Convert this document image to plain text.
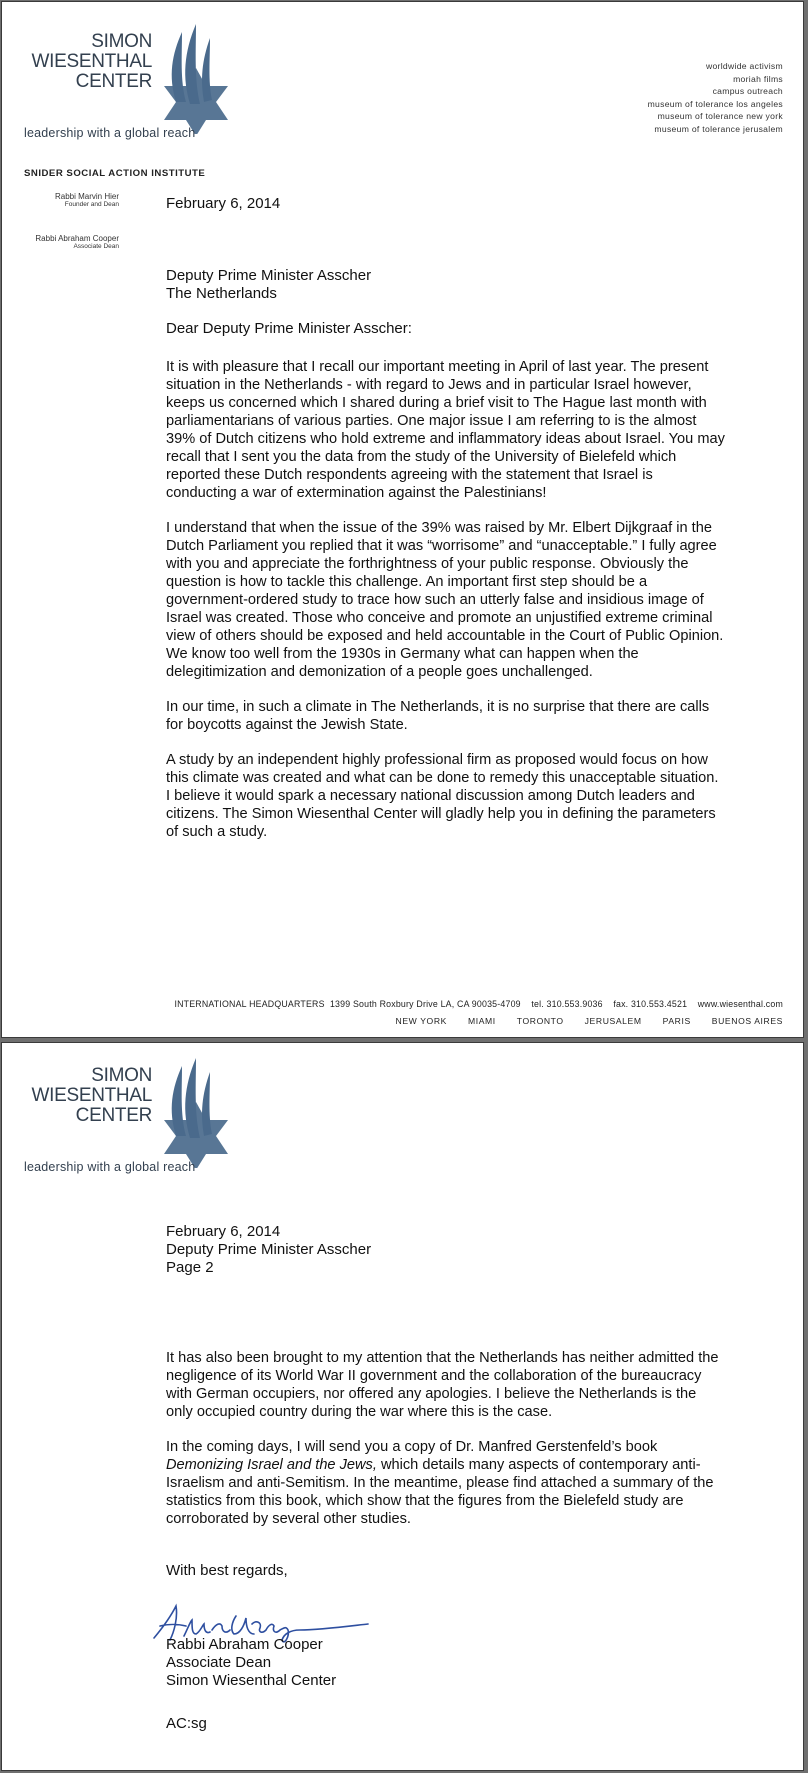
SIMON
WIESENTHAL
CENTER
leadership with a global reach
worldwide activism
moriah films
campus outreach
museum of tolerance los angeles
museum of tolerance new york
museum of tolerance jerusalem
SNIDER SOCIAL ACTION INSTITUTE
Rabbi Marvin Hier
Founder and Dean
Rabbi Abraham Cooper
Associate Dean
February 6, 2014
Deputy Prime Minister Asscher
The Netherlands
Dear Deputy Prime Minister Asscher:

It is with pleasure that I recall our important meeting in April of last year. The present situation in the Netherlands - with regard to Jews and in particular Israel however, keeps us concerned which I shared during a brief visit to The Hague last month with parliamentarians of various parties. One major issue I am referring to is the almost 39% of Dutch citizens who hold extreme and inflammatory ideas about Israel. You may recall that I sent you the data from the study of the University of Bielefeld which reported these Dutch respondents agreeing with the statement that Israel is conducting a war of extermination against the Palestinians!

I understand that when the issue of the 39% was raised by Mr. Elbert Dijkgraaf in the Dutch Parliament you replied that it was “worrisome” and “unacceptable.” I fully agree with you and appreciate the forthrightness of your public response. Obviously the question is how to tackle this challenge. An important first step should be a government-ordered study to trace how such an utterly false and insidious image of Israel was created. Those who conceive and promote an unjustified extreme criminal view of others should be exposed and held accountable in the Court of Public Opinion. We know too well from the 1930s in Germany what can happen when the delegitimization and demonization of a people goes unchallenged.

In our time, in such a climate in The Netherlands, it is no surprise that there are calls for boycotts against the Jewish State.

A study by an independent highly professional firm as proposed would focus on how this climate was created and what can be done to remedy this unacceptable situation. I believe it would spark a necessary national discussion among Dutch leaders and citizens. The Simon Wiesenthal Center will gladly help you in defining the parameters of such a study.

INTERNATIONAL HEADQUARTERS 1399 South Roxbury Drive LA, CA 90035-4709 tel. 310.553.9036 fax. 310.553.4521 www.wiesenthal.com
NEW YORK MIAMI TORONTO JERUSALEM PARIS BUENOS AIRES
SIMON
WIESENTHAL
CENTER
leadership with a global reach
February 6, 2014
Deputy Prime Minister Asscher
Page 2

It has also been brought to my attention that the Netherlands has neither admitted the negligence of its World War II government and the collaboration of the bureaucracy with German occupiers, nor offered any apologies. I believe the Netherlands is the only occupied country during the war where this is the case.

In the coming days, I will send you a copy of Dr. Manfred Gerstenfeld’s book Demonizing Israel and the Jews, which details many aspects of contemporary anti-Israelism and anti-Semitism. In the meantime, please find attached a summary of the statistics from this book, which show that the figures from the Bielefeld study are corroborated by several other studies.

With best regards,
Rabbi Abraham Cooper
Associate Dean
Simon Wiesenthal Center
AC:sg
